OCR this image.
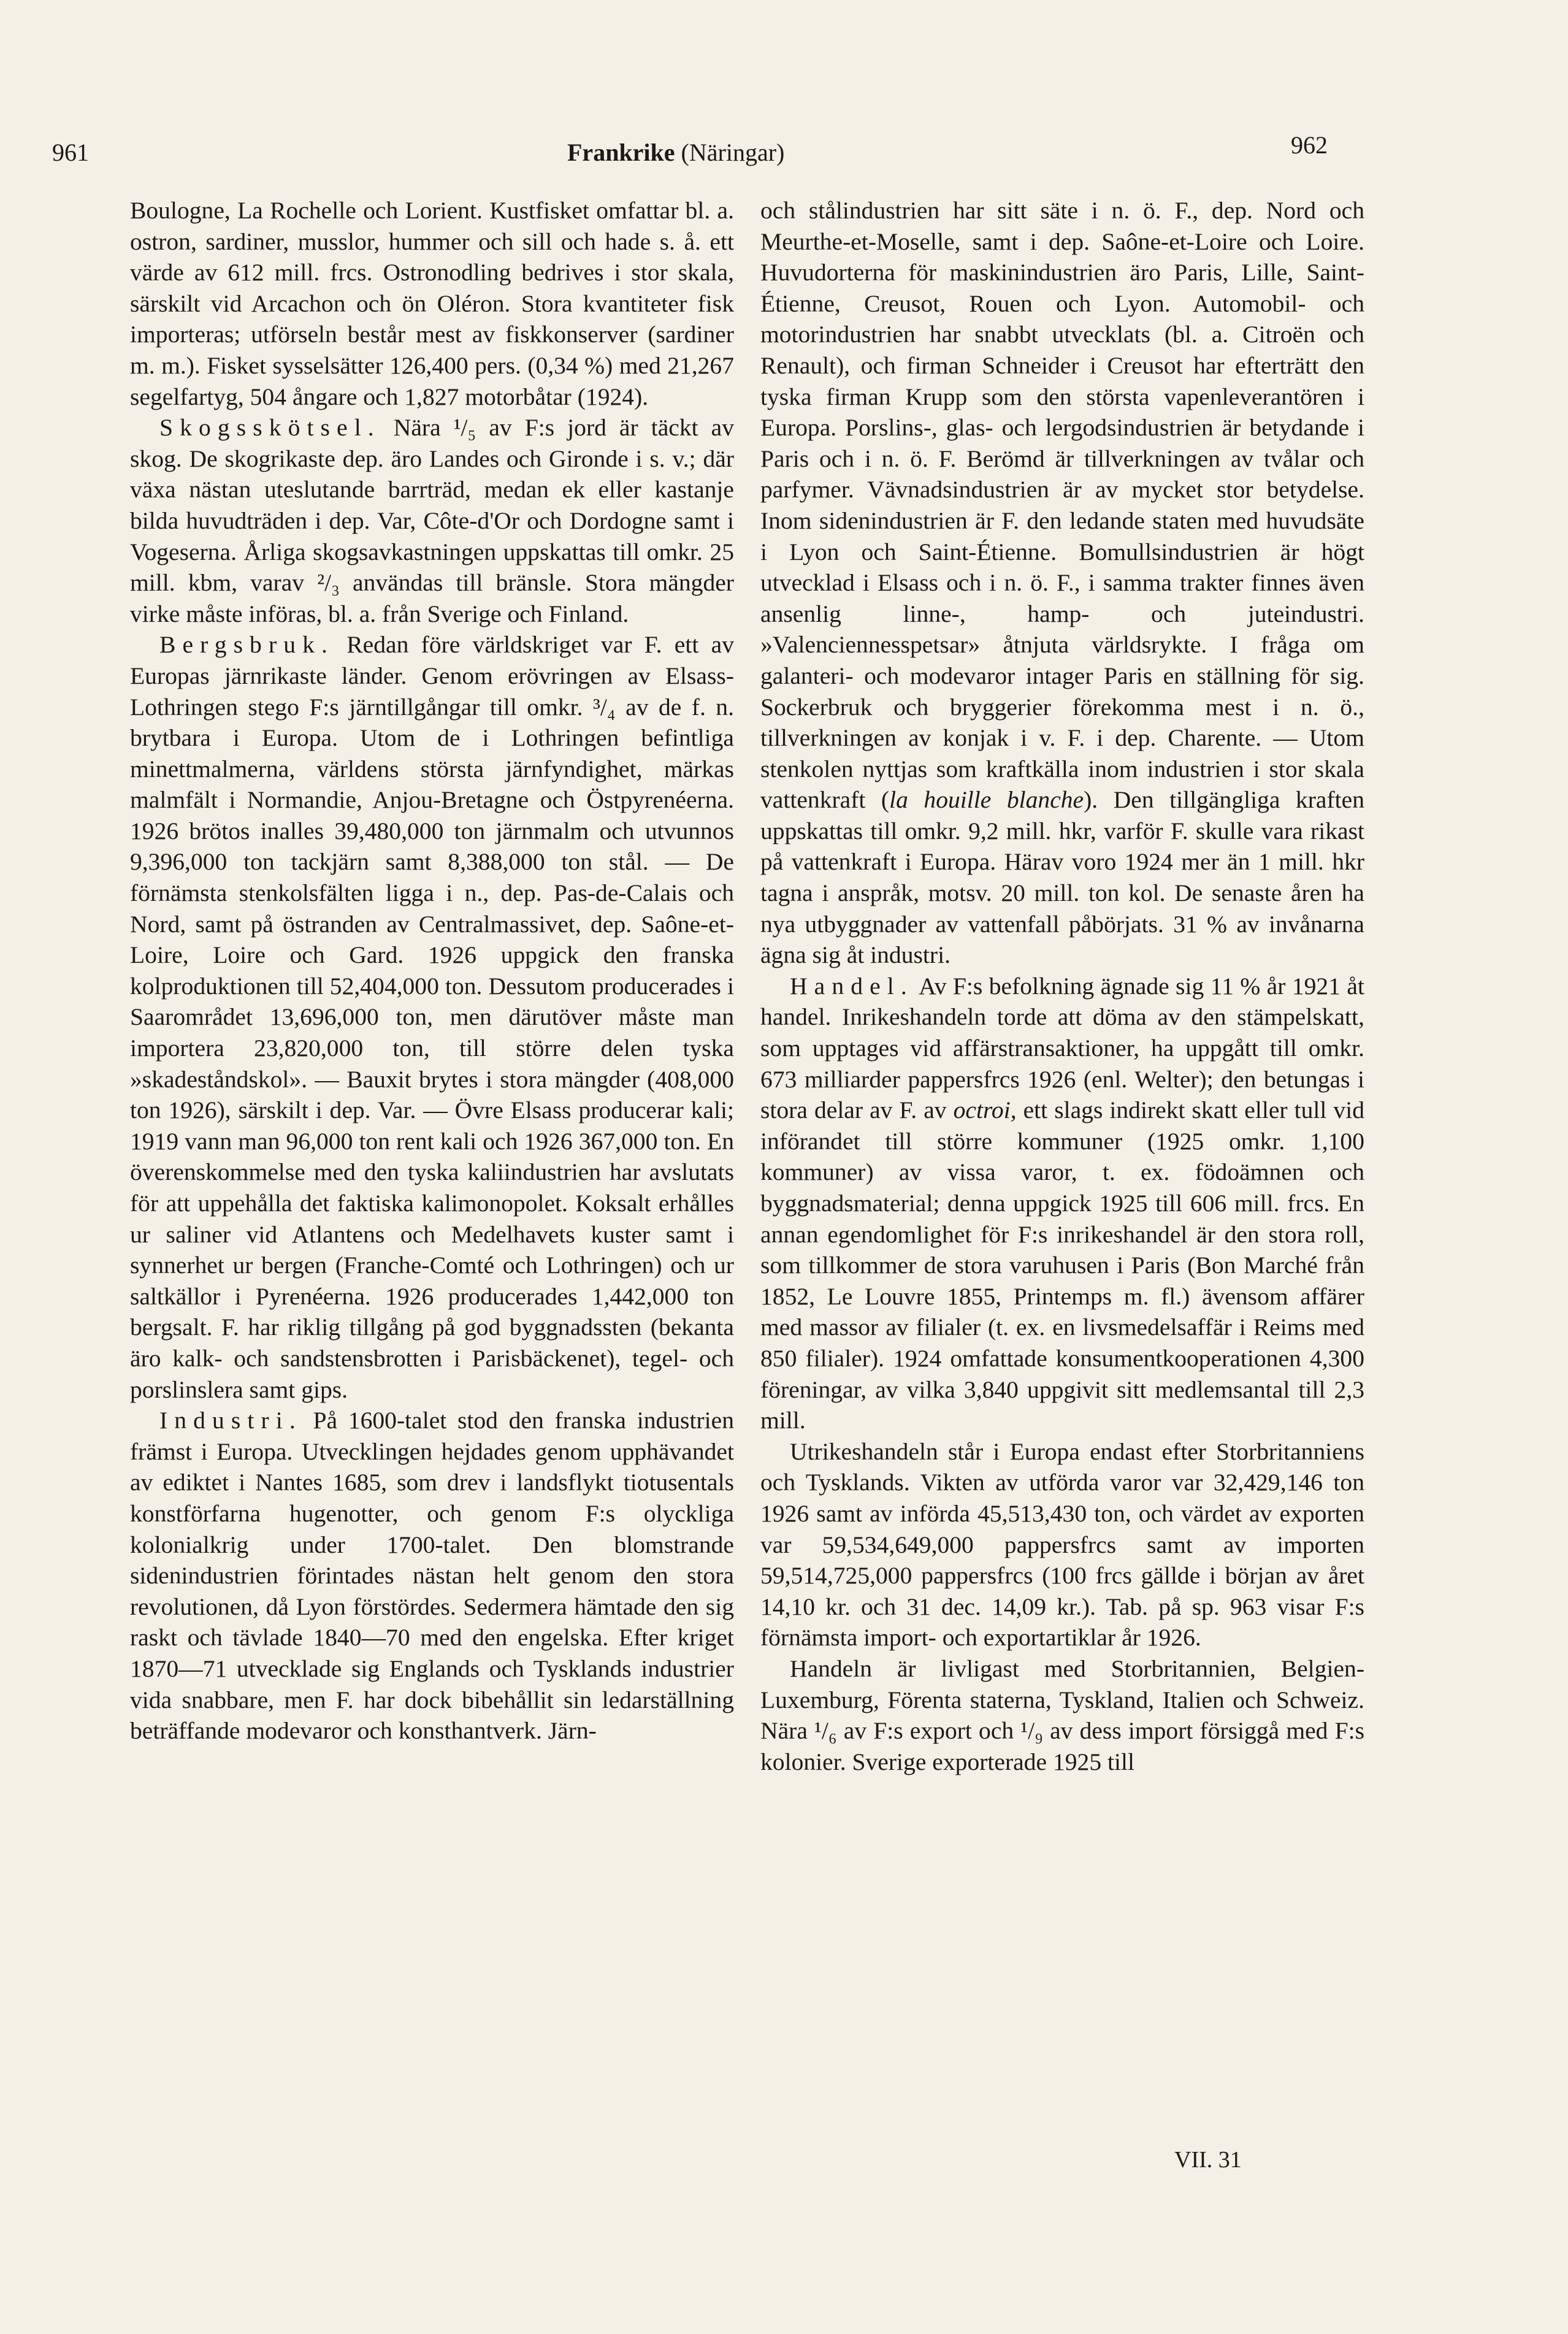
961	Frankrike (Näringar)	962

Boulogne, La Rochelle och Lorient. Kustfisket omfattar bl. a. ostron, sardiner, musslor, hummer och sill och hade s. å. ett värde av 612 mill. frcs. Ostronodling bedrives i stor skala, särskilt vid Arcachon och ön Oléron. Stora kvantiteter fisk importeras; utförseln består mest av fiskkonserver (sardiner m. m.). Fisket sysselsätter 126,400 pers. (0,34 %) med 21,267 segelfartyg, 504 ångare och 1,827 motorbåtar (1924).

Skogsskötsel. Nära ¹/₅ av F:s jord är täckt av skog. De skogrikaste dep. äro Landes och Gironde i s. v.; där växa nästan uteslutande barrträd, medan ek eller kastanje bilda huvudträden i dep. Var, Côte-d'Or och Dordogne samt i Vogeserna. Årliga skogsavkastningen uppskattas till omkr. 25 mill. kbm, varav ²/₃ användas till bränsle. Stora mängder virke måste införas, bl. a. från Sverige och Finland.

Bergsbruk. Redan före världskriget var F. ett av Europas järnrikaste länder. Genom erövringen av Elsass-Lothringen stego F:s järntillgångar till omkr. ³/₄ av de f. n. brytbara i Europa. Utom de i Lothringen befintliga minettmalmerna, världens största järnfyndighet, märkas malmfält i Normandie, Anjou-Bretagne och Östpyrenéerna. 1926 brötos inalles 39,480,000 ton järnmalm och utvunnos 9,396,000 ton tackjärn samt 8,388,000 ton stål. — De förnämsta stenkolsfälten ligga i n., dep. Pas-de-Calais och Nord, samt på östranden av Centralmassivet, dep. Saône-et-Loire, Loire och Gard. 1926 uppgick den franska kolproduktionen till 52,404,000 ton. Dessutom producerades i Saarområdet 13,696,000 ton, men därutöver måste man importera 23,820,000 ton, till större delen tyska »skadeståndskol». — Bauxit brytes i stora mängder (408,000 ton 1926), särskilt i dep. Var. — Övre Elsass producerar kali; 1919 vann man 96,000 ton rent kali och 1926 367,000 ton. En överenskommelse med den tyska kaliindustrien har avslutats för att uppehålla det faktiska kalimonopolet. Koksalt erhålles ur saliner vid Atlantens och Medelhavets kuster samt i synnerhet ur bergen (Franche-Comté och Lothringen) och ur saltkällor i Pyrenéerna. 1926 producerades 1,442,000 ton bergsalt. F. har riklig tillgång på god byggnadssten (bekanta äro kalk- och sandstensbrotten i Parisbäckenet), tegel- och porslinslera samt gips.

Industri. På 1600-talet stod den franska industrien främst i Europa. Utvecklingen hejdades genom upphävandet av ediktet i Nantes 1685, som drev i landsflykt tiotusentals konstförfarna hugenotter, och genom F:s olyckliga kolonialkrig under 1700-talet. Den blomstrande sidenindustrien förintades nästan helt genom den stora revolutionen, då Lyon förstördes. Sedermera hämtade den sig raskt och tävlade 1840—70 med den engelska. Efter kriget 1870—71 utvecklade sig Englands och Tysklands industrier vida snabbare, men F. har dock bibehållit sin ledarställning beträffande modevaror och konsthantverk. Järn-

och stålindustrien har sitt säte i n. ö. F., dep. Nord och Meurthe-et-Moselle, samt i dep. Saône-et-Loire och Loire. Huvudorterna för maskinindustrien äro Paris, Lille, Saint-Étienne, Creusot, Rouen och Lyon. Automobil- och motorindustrien har snabbt utvecklats (bl. a. Citroën och Renault), och firman Schneider i Creusot har efterträtt den tyska firman Krupp som den största vapenleverantören i Europa. Porslins-, glas- och lergodsindustrien är betydande i Paris och i n. ö. F. Berömd är tillverkningen av tvålar och parfymer. Vävnadsindustrien är av mycket stor betydelse. Inom sidenindustrien är F. den ledande staten med huvudsäte i Lyon och Saint-Étienne. Bomullsindustrien är högt utvecklad i Elsass och i n. ö. F., i samma trakter finnes även ansenlig linne-, hamp- och juteindustri. »Valenciennesspetsar» åtnjuta världsrykte. I fråga om galanteri- och modevaror intager Paris en ställning för sig. Sockerbruk och bryggerier förekomma mest i n. ö., tillverkningen av konjak i v. F. i dep. Charente. — Utom stenkolen nyttjas som kraftkälla inom industrien i stor skala vattenkraft (la houille blanche). Den tillgängliga kraften uppskattas till omkr. 9,2 mill. hkr, varför F. skulle vara rikast på vattenkraft i Europa. Härav voro 1924 mer än 1 mill. hkr tagna i anspråk, motsv. 20 mill. ton kol. De senaste åren ha nya utbyggnader av vattenfall påbörjats. 31 % av invånarna ägna sig åt industri.

Handel. Av F:s befolkning ägnade sig 11 % år 1921 åt handel. Inrikeshandeln torde att döma av den stämpelskatt, som upptages vid affärstransaktioner, ha uppgått till omkr. 673 milliarder pappersfrcs 1926 (enl. Welter); den betungas i stora delar av F. av octroi, ett slags indirekt skatt eller tull vid införandet till större kommuner (1925 omkr. 1,100 kommuner) av vissa varor, t. ex. födoämnen och byggnadsmaterial; denna uppgick 1925 till 606 mill. frcs. En annan egendomlighet för F:s inrikeshandel är den stora roll, som tillkommer de stora varuhusen i Paris (Bon Marché från 1852, Le Louvre 1855, Printemps m. fl.) ävensom affärer med massor av filialer (t. ex. en livsmedelsaffär i Reims med 850 filialer). 1924 omfattade konsumentkooperationen 4,300 föreningar, av vilka 3,840 uppgivit sitt medlemsantal till 2,3 mill.

Utrikeshandeln står i Europa endast efter Storbritanniens och Tysklands. Vikten av utförda varor var 32,429,146 ton 1926 samt av införda 45,513,430 ton, och värdet av exporten var 59,534,649,000 pappersfrcs samt av importen 59,514,725,000 pappersfrcs (100 frcs gällde i början av året 14,10 kr. och 31 dec. 14,09 kr.). Tab. på sp. 963 visar F:s förnämsta import- och exportartiklar år 1926.

Handeln är livligast med Storbritannien, Belgien-Luxemburg, Förenta staterna, Tyskland, Italien och Schweiz. Nära ¹/₆ av F:s export och ¹/₉ av dess import försiggå med F:s kolonier. Sverige exporterade 1925 till

VII. 31
